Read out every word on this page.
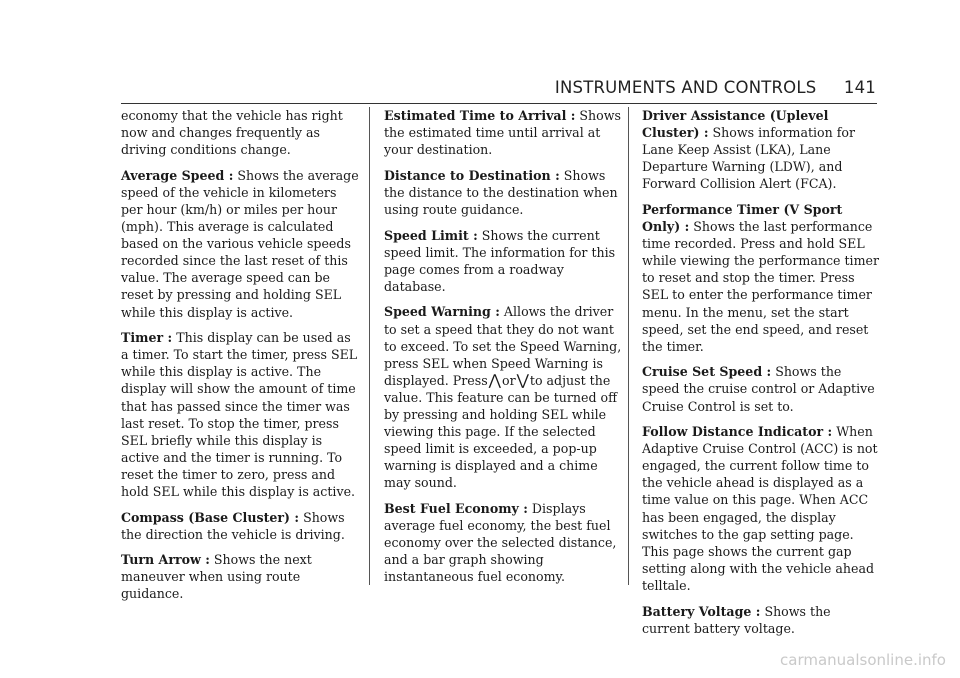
INSTRUMENTS AND CONTROLS 141

economy that the vehicle has right now and changes frequently as driving conditions change.

Average Speed : Shows the average speed of the vehicle in kilometers per hour (km/h) or miles per hour (mph). This average is calculated based on the various vehicle speeds recorded since the last reset of this value. The average speed can be reset by pressing and holding SEL while this display is active.

Timer : This display can be used as a timer. To start the timer, press SEL while this display is active. The display will show the amount of time that has passed since the timer was last reset. To stop the timer, press SEL briefly while this display is active and the timer is running. To reset the timer to zero, press and hold SEL while this display is active.

Compass (Base Cluster) : Shows the direction the vehicle is driving.

Turn Arrow : Shows the next maneuver when using route guidance.

Estimated Time to Arrival : Shows the estimated time until arrival at your destination.

Distance to Destination : Shows the distance to the destination when using route guidance.

Speed Limit : Shows the current speed limit. The information for this page comes from a roadway database.

Speed Warning : Allows the driver to set a speed that they do not want to exceed. To set the Speed Warning, press SEL when Speed Warning is displayed. Press⋀or⋁to adjust the value. This feature can be turned off by pressing and holding SEL while viewing this page. If the selected speed limit is exceeded, a pop-up warning is displayed and a chime may sound.

Best Fuel Economy : Displays average fuel economy, the best fuel economy over the selected distance, and a bar graph showing instantaneous fuel economy.

Driver Assistance (Uplevel Cluster) : Shows information for Lane Keep Assist (LKA), Lane Departure Warning (LDW), and Forward Collision Alert (FCA).

Performance Timer (V Sport Only) : Shows the last performance time recorded. Press and hold SEL while viewing the performance timer to reset and stop the timer. Press SEL to enter the performance timer menu. In the menu, set the start speed, set the end speed, and reset the timer.

Cruise Set Speed : Shows the speed the cruise control or Adaptive Cruise Control is set to.

Follow Distance Indicator : When Adaptive Cruise Control (ACC) is not engaged, the current follow time to the vehicle ahead is displayed as a time value on this page. When ACC has been engaged, the display switches to the gap setting page. This page shows the current gap setting along with the vehicle ahead telltale.

Battery Voltage : Shows the current battery voltage.

carmanualsonline.info
